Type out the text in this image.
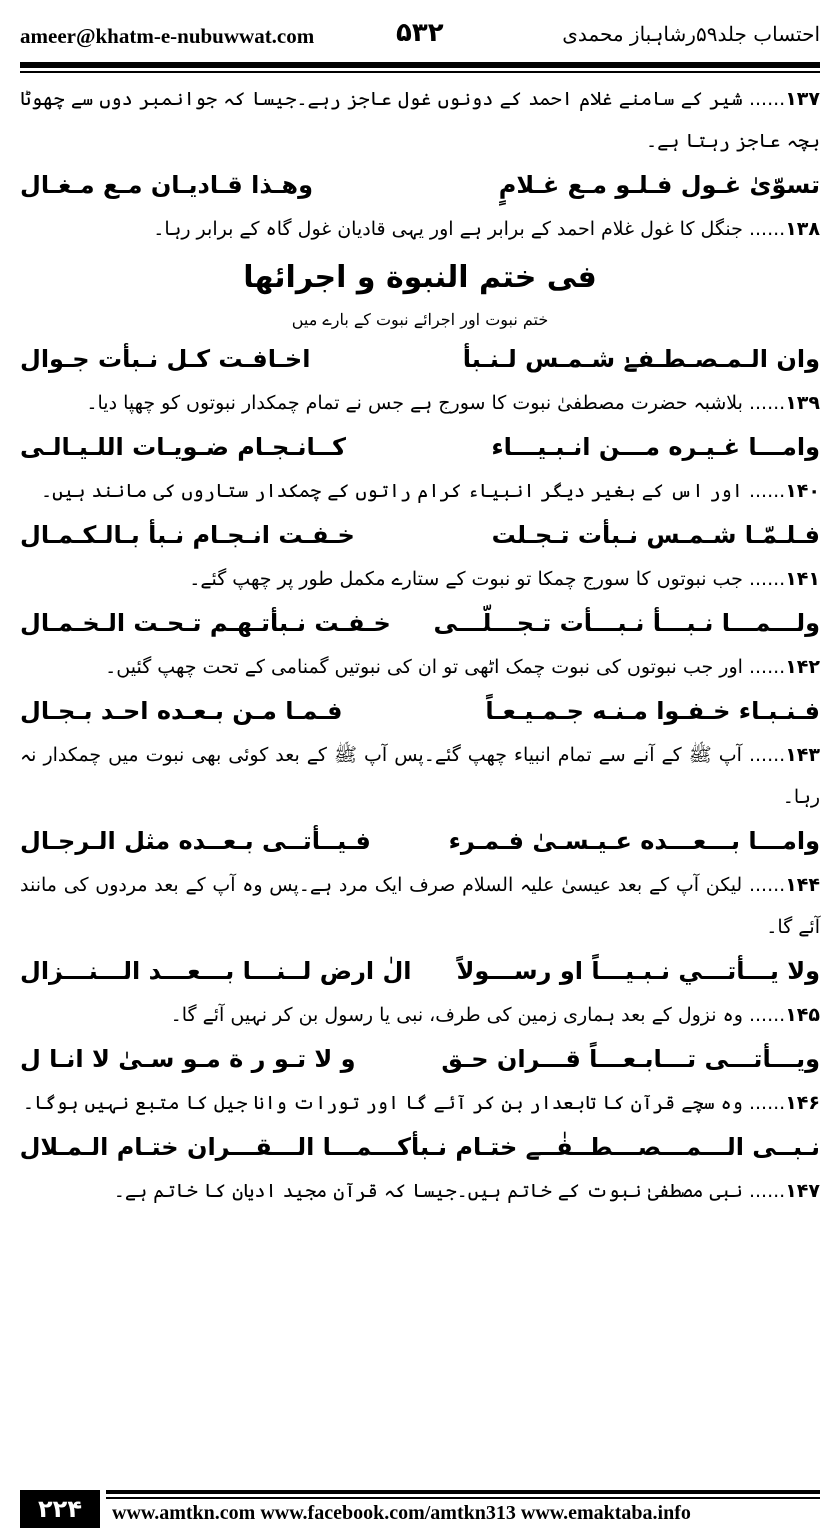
ameer@khatm-e-nubuwwat.com	۵۳۲	احتساب جلد۵۹رشاہباز محمدی
۱۳۷...... شیر کے سامنے غلام احمد کے دونوں غول عاجز رہے۔جیسا کہ جوانمبر دوں سے چھوٹا بچہ عاجز رہتا ہے۔
تسوّیٰ غـول فـلـو مـع غـلامٍ
وهـذا قـاديـان مـع مـغـال
۱۳۸...... جنگل کا غول غلام احمد کے برابر ہے اور یہی قادیان غول گاہ کے برابر رہا۔
فی ختم النبوة و اجرائها
ختم نبوت اور اجرائے نبوت کے بارے میں
وان الـمـصـطـفےٰ شـمـس لـنـبأ
اخـافـت كـل نـبأت جـوال
۱۳۹...... بلاشبہ حضرت مصطفیٰ نبوت کا سورج ہے جس نے تمام چمکدار نبوتوں کو چھپا دیا۔
وامـــا غـيـره مـــن انـبـيـــاء
كــانـجـام ضـويـات اللـيـالـى
۱۴۰...... اور اس کے بغیر دیگر انبیاء کرام راتوں کے چمکدار ستاروں کی مانند ہیں۔
فـلـمّـا شـمـس نـبأت تـجـلت
خـفـت انـجـام نـبأ بـالـكـمـال
۱۴۱...... جب نبوتوں کا سورج چمکا تو نبوت کے ستارے مکمل طور پر چھپ گئے۔
ولـــمـــا نـبـــأ نـبـــأت تـجـــلّـــى
خـفـت نـبأتـهـم تـحـت الـخـمـال
۱۴۲...... اور جب نبوتوں کی نبوت چمک اٹھی تو ان کی نبوتیں گمنامی کے تحت چھپ گئیں۔
فـنـبـاء خـفـوا مـنـه جـمـيـعـاً
فـمـا مـن بـعـده احـد بـجـال
۱۴۳...... آپ ﷺ کے آنے سے تمام انبیاء چھپ گئے۔پس آپ ﷺ کے بعد کوئی بھی نبوت میں چمکدار نہ رہا۔
وامـــا بـــعـــده عـيـسـىٰ فـمـرء
فـيــأتــى بـعــده مثل الـرجـال
۱۴۴...... لیکن آپ کے بعد عیسیٰ علیہ السلام صرف ایک مرد ہے۔پس وہ آپ کے بعد مردوں کی مانند آئے گا۔
ولا يـــأتـــي نـبـيـــاً او رســـولاً
الٰ ارض لــنـــا بـــعـــد الـــنـــزال
۱۴۵...... وہ نزول کے بعد ہماری زمین کی طرف، نبی یا رسول بن کر نہیں آئے گا۔
ويـــأتـــى تـــابـعـــاً قـــران حـق
و لا تـو ر ة مـو سـىٰ لا انـا ل
۱۴۶...... وہ سچے قرآن کا تابعدار بن کر آئے گا اور تورات وانا جیل کا متبع نہیں ہوگا۔
نـبــى الـــمـــصـــطــفٰــے ختـام نـبأ
كـــمـــا الـــقـــران ختـام الـمـلال
۱۴۷...... نبی مصطفیٰ نبوت کے خاتم ہیں۔جیسا کہ قرآن مجید ادیان کا خاتم ہے۔
۲۲۴	www.amtkn.com www.facebook.com/amtkn313 www.emaktaba.info
